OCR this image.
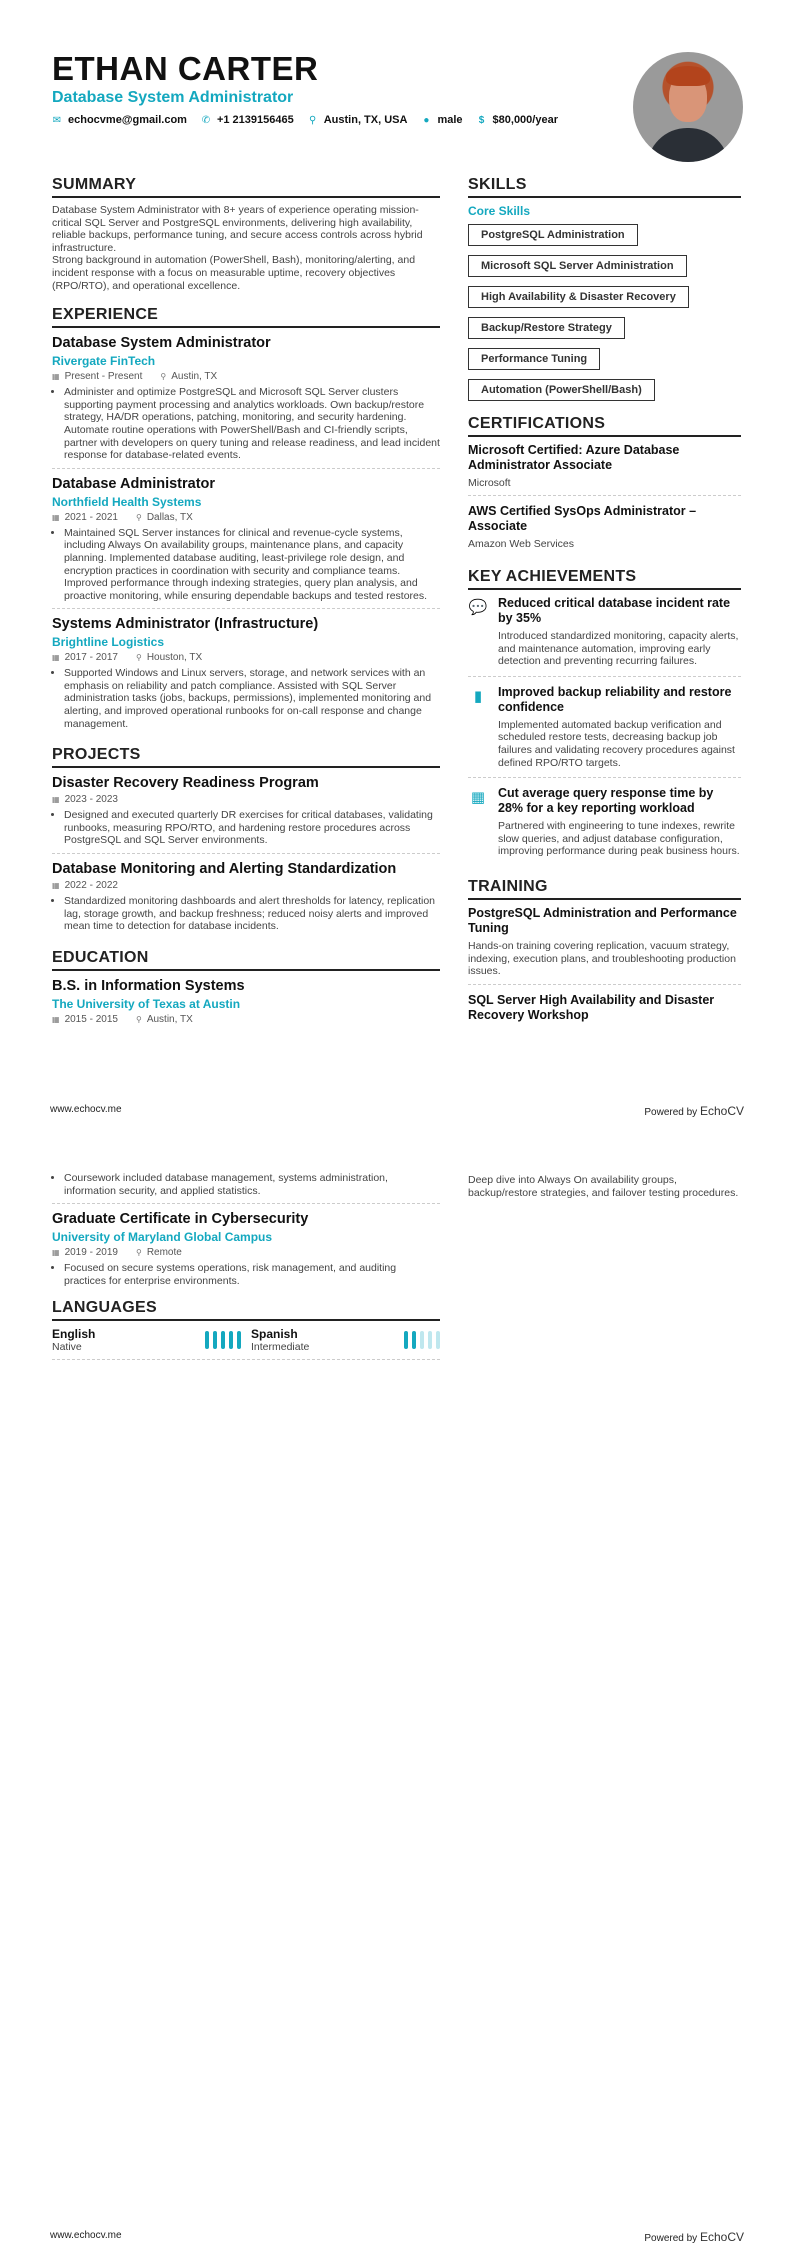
ETHAN CARTER
Database System Administrator
✉ echocvme@gmail.com ✆ +1 2139156465 ⚲ Austin, TX, USA ● male $ $80,000/year
SUMMARY

Database System Administrator with 8+ years of experience operating mission-critical SQL Server and PostgreSQL environments, delivering high availability, reliable backups, performance tuning, and secure access controls across hybrid infrastructure.

Strong background in automation (PowerShell, Bash), monitoring/alerting, and incident response with a focus on measurable uptime, recovery objectives (RPO/RTO), and operational excellence.

EXPERIENCE
Database System Administrator
Rivergate FinTech
▦ Present - Present ⚲ Austin, TX
• Administer and optimize PostgreSQL and Microsoft SQL Server clusters supporting payment processing and analytics workloads. Own backup/restore strategy, HA/DR operations, patching, monitoring, and security hardening. Automate routine operations with PowerShell/Bash and CI-friendly scripts, partner with developers on query tuning and release readiness, and lead incident response for database-related events.
Database Administrator
Northfield Health Systems
▦ 2021 - 2021 ⚲ Dallas, TX
• Maintained SQL Server instances for clinical and revenue-cycle systems, including Always On availability groups, maintenance plans, and capacity planning. Implemented database auditing, least-privilege role design, and encryption practices in coordination with security and compliance teams. Improved performance through indexing strategies, query plan analysis, and proactive monitoring, while ensuring dependable backups and tested restores.
Systems Administrator (Infrastructure)
Brightline Logistics
▦ 2017 - 2017 ⚲ Houston, TX
• Supported Windows and Linux servers, storage, and network services with an emphasis on reliability and patch compliance. Assisted with SQL Server administration tasks (jobs, backups, permissions), implemented monitoring and alerting, and improved operational runbooks for on-call response and change management.
PROJECTS
Disaster Recovery Readiness Program
▦ 2023 - 2023
• Designed and executed quarterly DR exercises for critical databases, validating runbooks, measuring RPO/RTO, and hardening restore procedures across PostgreSQL and SQL Server environments.
Database Monitoring and Alerting Standardization
▦ 2022 - 2022
• Standardized monitoring dashboards and alert thresholds for latency, replication lag, storage growth, and backup freshness; reduced noisy alerts and improved mean time to detection for database incidents.
EDUCATION
B.S. in Information Systems
The University of Texas at Austin
▦ 2015 - 2015 ⚲ Austin, TX
SKILLS
Core Skills
PostgreSQL Administration
Microsoft SQL Server Administration
High Availability & Disaster Recovery
Backup/Restore Strategy
Performance Tuning
Automation (PowerShell/Bash)
CERTIFICATIONS
Microsoft Certified: Azure Database Administrator Associate
Microsoft
AWS Certified SysOps Administrator – Associate
Amazon Web Services
KEY ACHIEVEMENTS
💬 Reduced critical database incident rate by 35%
Introduced standardized monitoring, capacity alerts, and maintenance automation, improving early detection and preventing recurring failures.
▮	Improved backup reliability and restore confidence
Implemented automated backup verification and scheduled restore tests, decreasing backup job failures and validating recovery procedures against defined RPO/RTO targets.
▦ Cut average query response time by 28% for a key reporting workload
Partnered with engineering to tune indexes, rewrite slow queries, and adjust database configuration, improving performance during peak business hours.
TRAINING
PostgreSQL Administration and Performance Tuning
Hands-on training covering replication, vacuum strategy, indexing, execution plans, and troubleshooting production issues.
SQL Server High Availability and Disaster Recovery Workshop
www.echocv.me	Powered by EchoCV
• Coursework included database management, systems administration, information security, and applied statistics.
Graduate Certificate in Cybersecurity
University of Maryland Global Campus
▦ 2019 - 2019 ⚲ Remote
• Focused on secure systems operations, risk management, and auditing practices for enterprise environments.
LANGUAGES
English
Native
Spanish
Intermediate
Deep dive into Always On availability groups, backup/restore strategies, and failover testing procedures.
www.echocv.me	Powered by EchoCV
